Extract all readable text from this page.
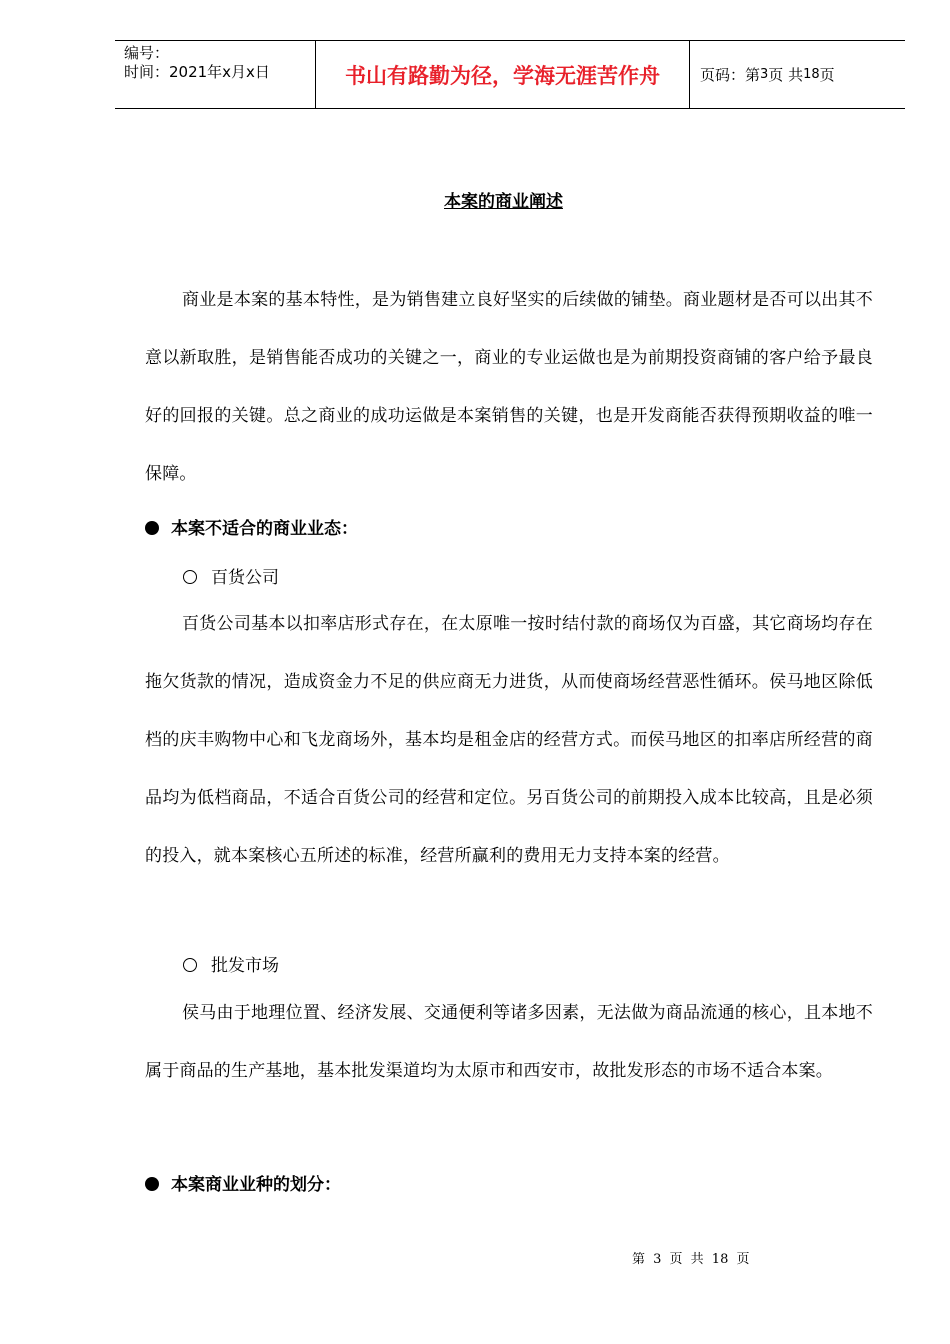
编号：
时间：2021年x月x日	书山有路勤为径，学海无涯苦作舟	页码：第 3 页 共 18 页
本案的商业阐述
商业是本案的基本特性，是为销售建立良好坚实的后续做的铺垫。商业题材是否可以出其不意以新取胜，是销售能否成功的关键之一，商业的专业运做也是为前期投资商铺的客户给予最良好的回报的关键。总之商业的成功运做是本案销售的关键，也是开发商能否获得预期收益的唯一保障。
本案不适合的商业业态：
百货公司
百货公司基本以扣率店形式存在，在太原唯一按时结付款的商场仅为百盛，其它商场均存在拖欠货款的情况，造成资金力不足的供应商无力进货，从而使商场经营恶性循环。侯马地区除低档的庆丰购物中心和飞龙商场外，基本均是租金店的经营方式。而侯马地区的扣率店所经营的商品均为低档商品，不适合百货公司的经营和定位。另百货公司的前期投入成本比较高，且是必须的投入，就本案核心五所述的标准，经营所赢利的费用无力支持本案的经营。
批发市场
侯马由于地理位置、经济发展、交通便利等诸多因素，无法做为商品流通的核心，且本地不属于商品的生产基地，基本批发渠道均为太原市和西安市，故批发形态的市场不适合本案。
本案商业业种的划分：
第 3 页 共 18 页
